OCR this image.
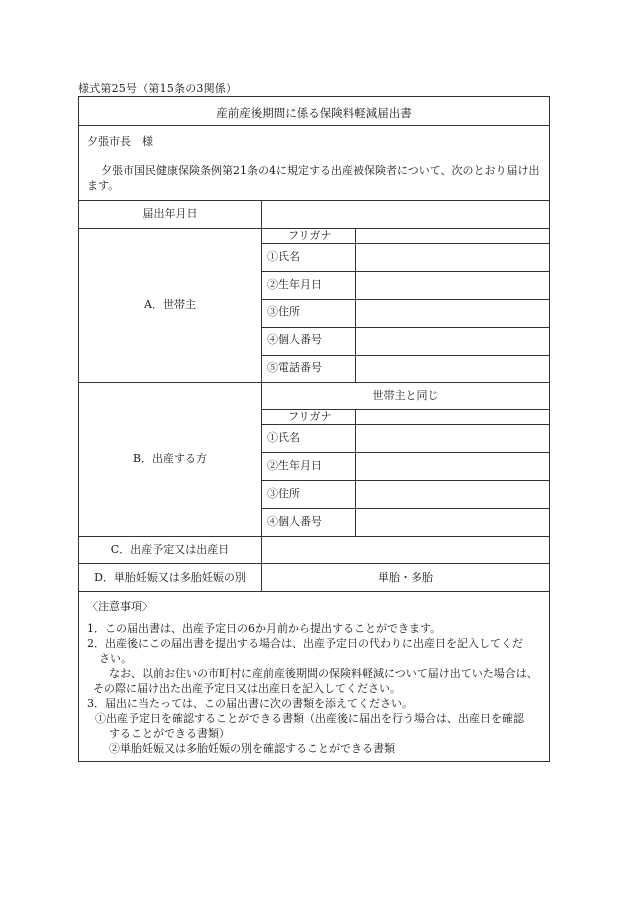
様式第25号（第15条の3関係）
産前産後期間に係る保険料軽減届出書
夕張市長　様
夕張市国民健康保険条例第21条の4に規定する出産被保険者について、次のとおり届け出ます。
届出年月日
A．世帯主
フリガナ
①氏名
②生年月日
③住所
④個人番号
⑤電話番号
B．出産する方
世帯主と同じ
フリガナ
①氏名
②生年月日
③住所
④個人番号
C．出産予定又は出産日
D．単胎妊娠又は多胎妊娠の別	単胎・多胎
〈注意事項〉
1．この届出書は、出産予定日の6か月前から提出することができます。
2．出産後にこの届出書を提出する場合は、出産予定日の代わりに出産日を記入してくだ
さい。
なお、以前お住いの市町村に産前産後期間の保険料軽減について届け出ていた場合は、
その際に届け出た出産予定日又は出産日を記入してください。
3．届出に当たっては、この届出書に次の書類を添えてください。
①出産予定日を確認することができる書類（出産後に届出を行う場合は、出産日を確認
することができる書類）
②単胎妊娠又は多胎妊娠の別を確認することができる書類
